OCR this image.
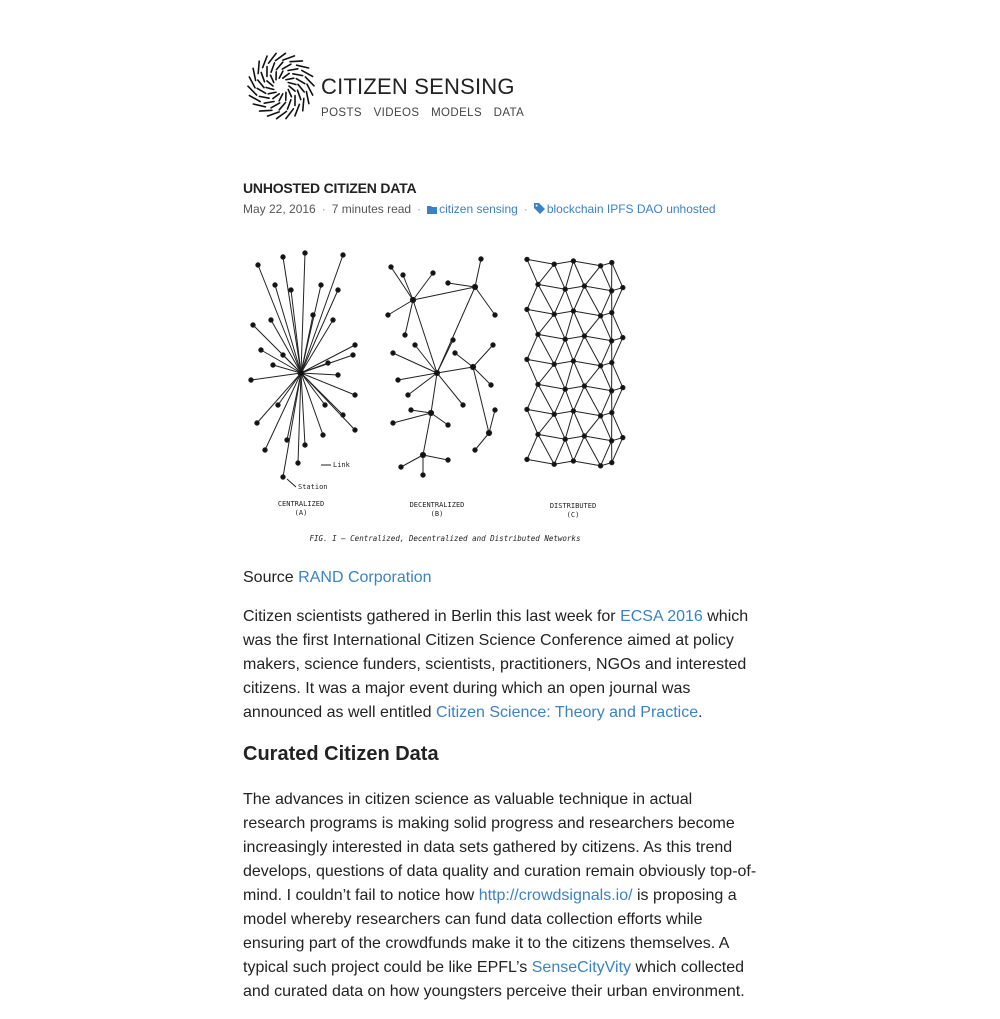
CITIZEN SENSING
POSTS VIDEOS MODELS DATA
UNHOSTED CITIZEN DATA
May 22, 2016 · 7 minutes read · citizen sensing · blockchain IPFS DAO unhosted
Link
Station
CENTRALIZED
(A)
DECENTRALIZED
(B)
DISTRIBUTED
(C)
FIG. I — Centralized, Decentralized and Distributed Networks

Source RAND Corporation

Citizen scientists gathered in Berlin this last week for ECSA 2016 which was the first International Citizen Science Conference aimed at policy makers, science funders, scientists, practitioners, NGOs and interested citizens. It was a major event during which an open journal was announced as well entitled Citizen Science: Theory and Practice.

Curated Citizen Data

The advances in citizen science as valuable technique in actual research programs is making solid progress and researchers become increasingly interested in data sets gathered by citizens. As this trend develops, questions of data quality and curation remain obviously top-of-mind. I couldn’t fail to notice how http://crowdsignals.io/ is proposing a model whereby researchers can fund data collection efforts while ensuring part of the crowdfunds make it to the citizens themselves. A typical such project could be like EPFL’s SenseCityVity which collected and curated data on how youngsters perceive their urban environment.
